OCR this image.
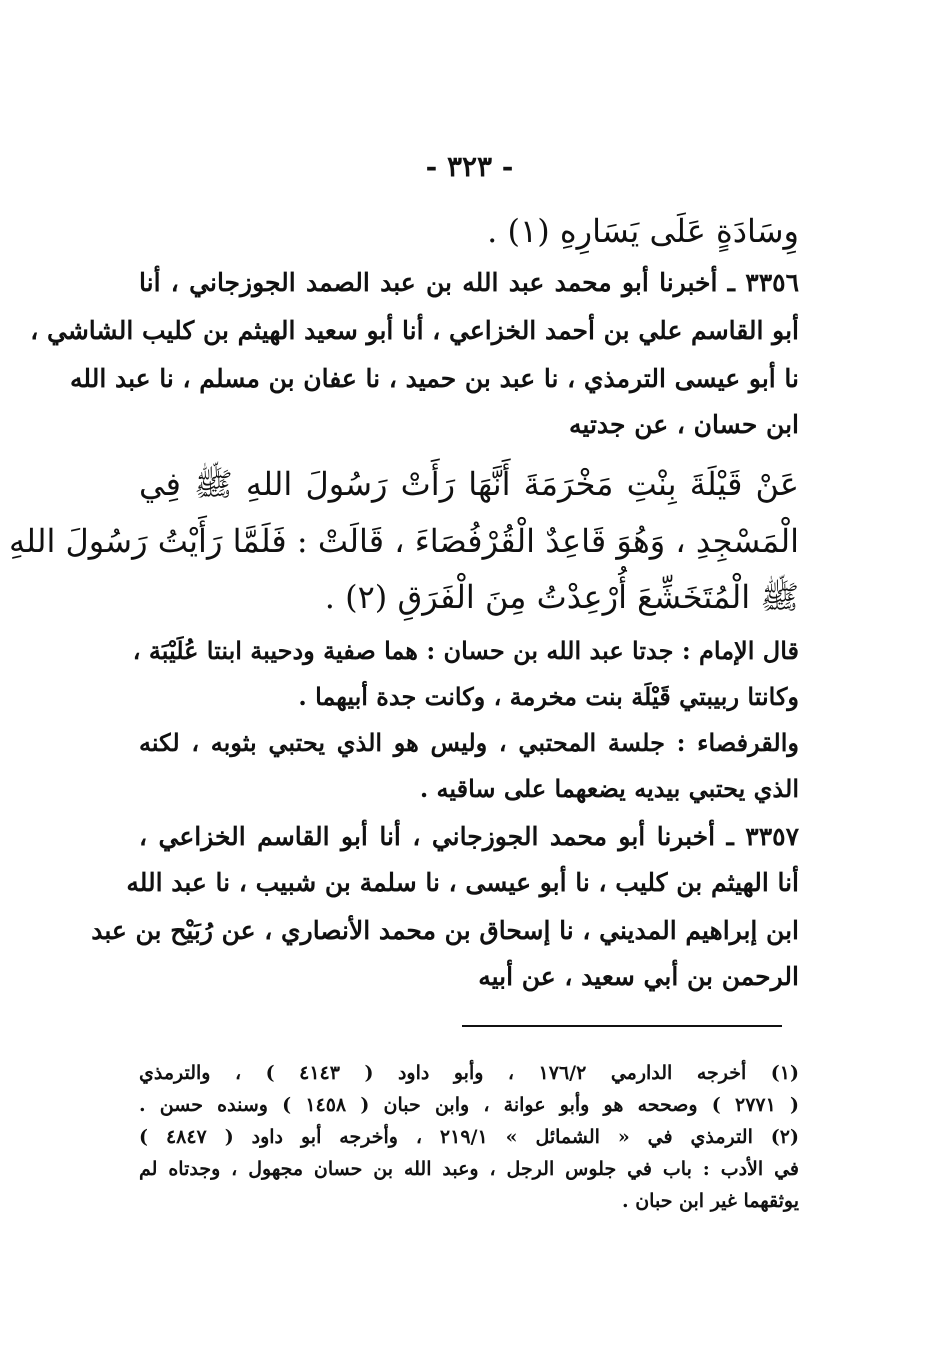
- ٣٢٣ -
وِسَادَةٍ عَلَى يَسَارِهِ (١) .
٣٣٥٦ ـ أخبرنا أبو محمد عبد الله بن عبد الصمد الجوزجاني ، أنا
أبو القاسم علي بن أحمد الخزاعي ، أنا أبو سعيد الهيثم بن كليب الشاشي ،
نا أبو عيسى الترمذي ، نا عبد بن حميد ، نا عفان بن مسلم ، نا عبد الله
ابن حسان ، عن جدتيه
عَنْ قَيْلَةَ بِنْتِ مَخْرَمَةَ أَنَّهَا رَأَتْ رَسُولَ اللهِ ﷺ فِي
الْمَسْجِدِ ، وَهُوَ قَاعِدٌ الْقُرْفُصَاءَ ، قَالَتْ : فَلَمَّا رَأَيْتُ رَسُولَ اللهِ
ﷺ الْمُتَخَشِّعَ أُرْعِدْتُ مِنَ الْفَرَقِ (٢) .
قال الإمام : جدتا عبد الله بن حسان : هما صفية ودحيبة ابنتا عُلَيْبَة ،
وكانتا ربيبتي قَيْلَة بنت مخرمة ، وكانت جدة أبيهما .
والقرفصاء : جلسة المحتبي ، وليس هو الذي يحتبي بثوبه ، لكنه
الذي يحتبي بيديه يضعهما على ساقيه .
٣٣٥٧ ـ أخبرنا أبو محمد الجوزجاني ، أنا أبو القاسم الخزاعي ،
أنا الهيثم بن كليب ، نا أبو عيسى ، نا سلمة بن شبيب ، نا عبد الله
ابن إبراهيم المديني ، نا إسحاق بن محمد الأنصاري ، عن رُبَيْح بن عبد
الرحمن بن أبي سعيد ، عن أبيه
(١) أخرجه الدارمي ١٧٦/٢ ، وأبو داود ( ٤١٤٣ ) ، والترمذي
( ٢٧٧١ ) وصححه هو وأبو عوانة ، وابن حبان ( ١٤٥٨ ) وسنده حسن .
(٢) الترمذي في « الشمائل » ٢١٩/١ ، وأخرجه أبو داود ( ٤٨٤٧ )
في الأدب : باب في جلوس الرجل ، وعبد الله بن حسان مجهول ، وجدتاه لم
يوثقهما غير ابن حبان .
